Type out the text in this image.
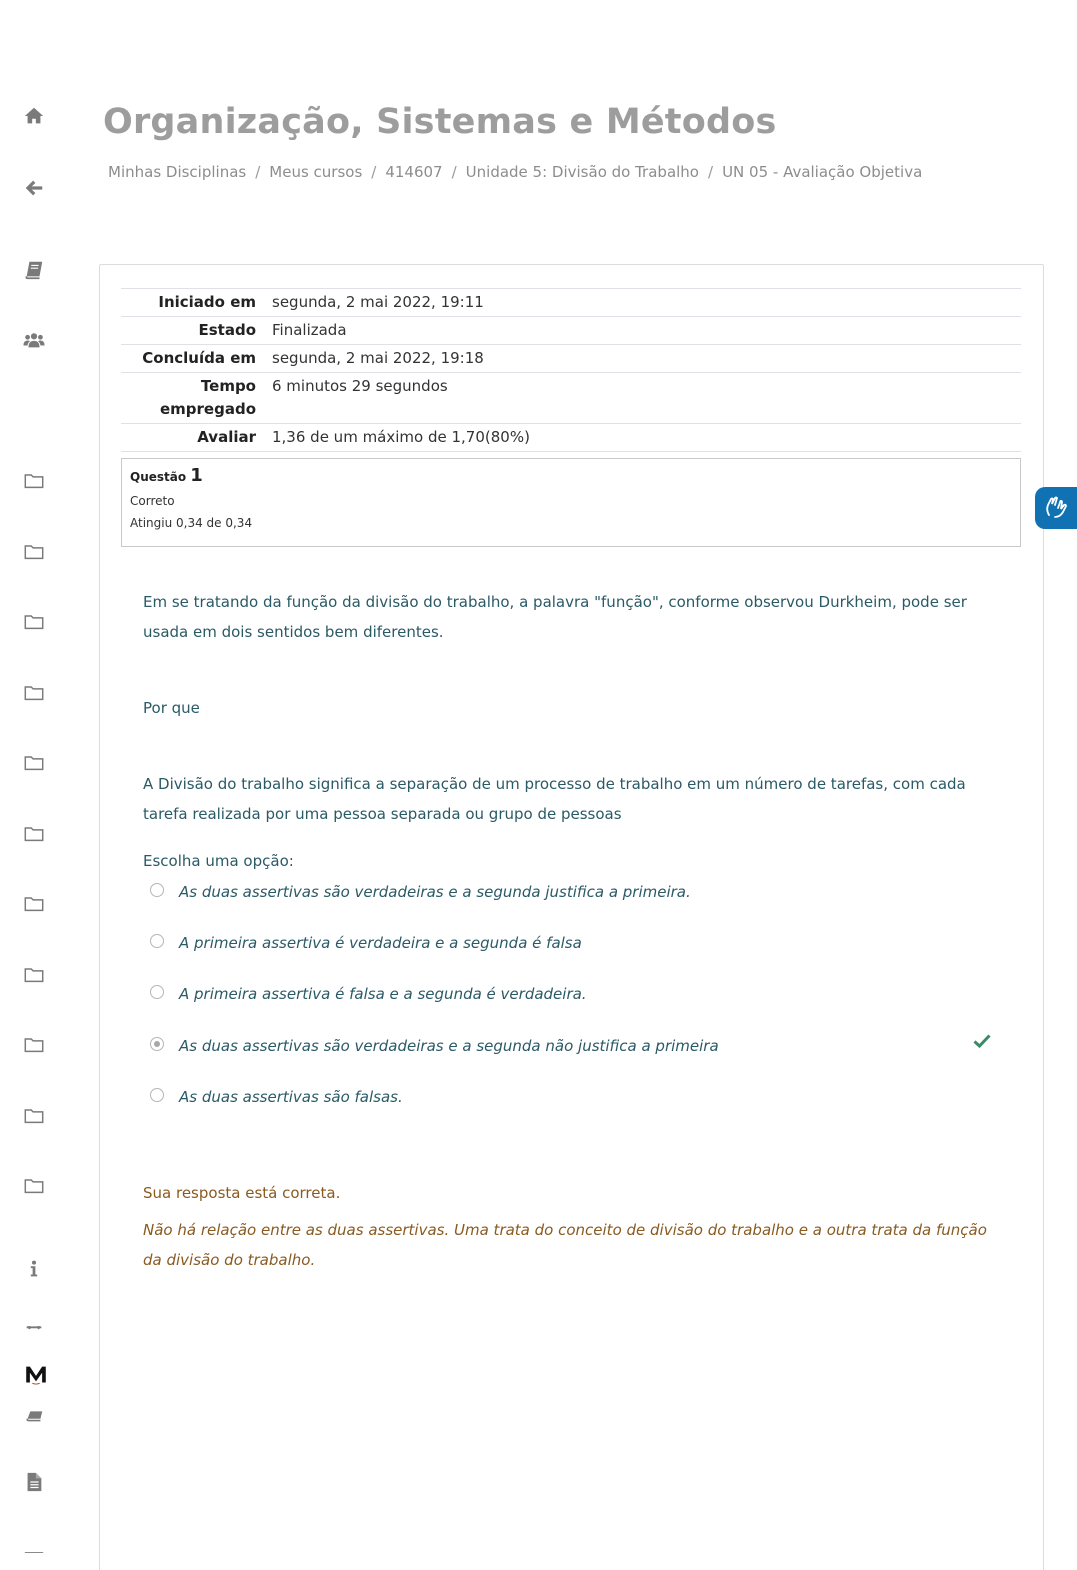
Organização, Sistemas e Métodos
Minhas Disciplinas / Meus cursos / 414607 / Unidade 5: Divisão do Trabalho / UN 05 - Avaliação Objetiva
Iniciado em	segunda, 2 mai 2022, 19:11
Estado	Finalizada
Concluída em	segunda, 2 mai 2022, 19:18
Tempo empregado	6 minutos 29 segundos
Avaliar	1,36 de um máximo de 1,70(80%)
Questão 1
Correto
Atingiu 0,34 de 0,34

Em se tratando da função da divisão do trabalho, a palavra "função", conforme observou Durkheim, pode ser usada em dois sentidos bem diferentes.

Por que

A Divisão do trabalho significa a separação de um processo de trabalho em um número de tarefas, com cada tarefa realizada por uma pessoa separada ou grupo de pessoas

Escolha uma opção:
As duas assertivas são verdadeiras e a segunda justifica a primeira.
A primeira assertiva é verdadeira e a segunda é falsa
A primeira assertiva é falsa e a segunda é verdadeira.
As duas assertivas são verdadeiras e a segunda não justifica a primeira
As duas assertivas são falsas.

Sua resposta está correta.

Não há relação entre as duas assertivas. Uma trata do conceito de divisão do trabalho e a outra trata da função da divisão do trabalho.
